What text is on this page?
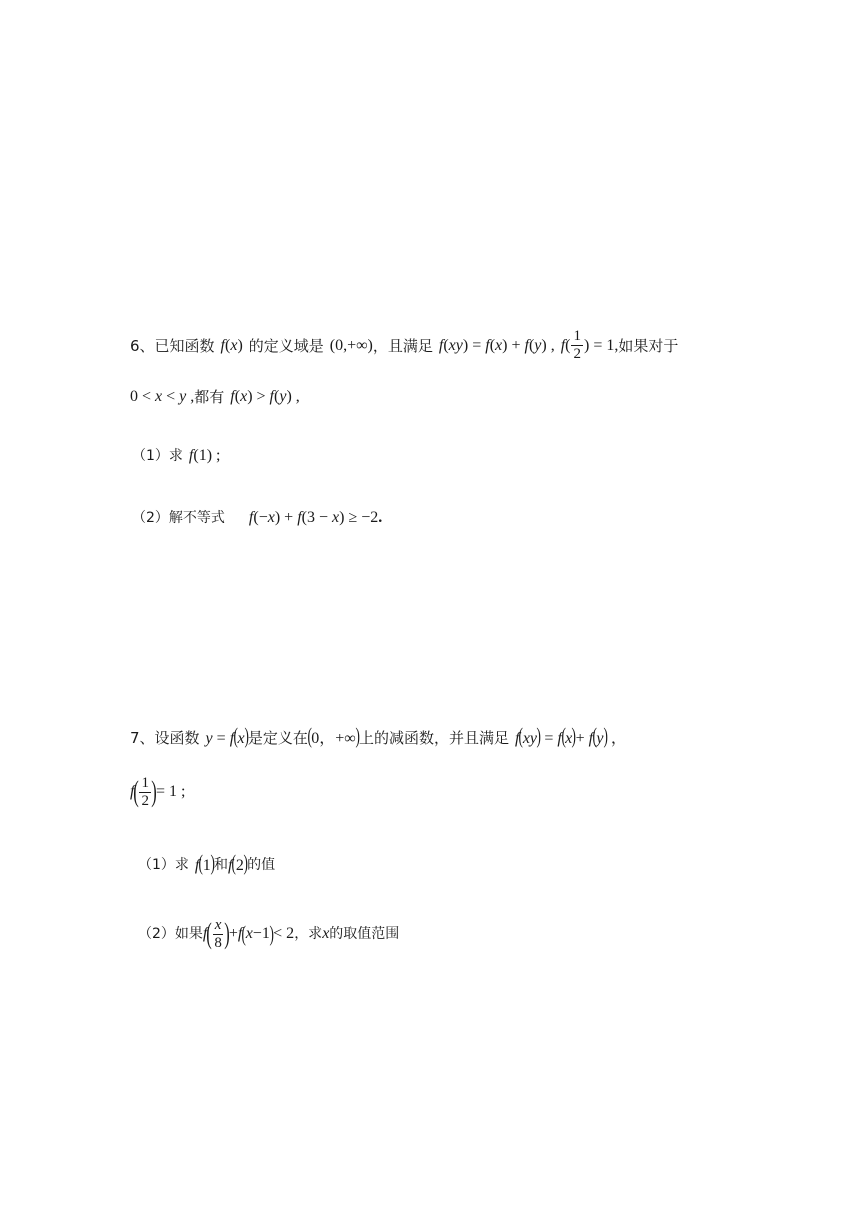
6、已知函数 f(x) 的定义域是 (0,+∞) ，且满足 f(xy) = f(x) + f(y) , f ( $\frac{1}{2}$ ) = 1, 如果对于
0 < x < y , 都有 f(x) > f(y) ,
（1）求 f(1) ;
（2）解不等式 f(−x) + f(3 − x) ≥ −2.
7、设函数 y = f(x) 是定义在 (0，+∞) 上的减函数，并且满足 f(xy) = f(x)+ f(y) ，
f ( $\frac{1}{2}$ ) = 1 ;
（1）求 f(1) 和 f(2) 的值
（2）如果 f ( $\frac{x}{8}$ ) + f ( x −1 ) < 2 ，求 x 的取值范围
